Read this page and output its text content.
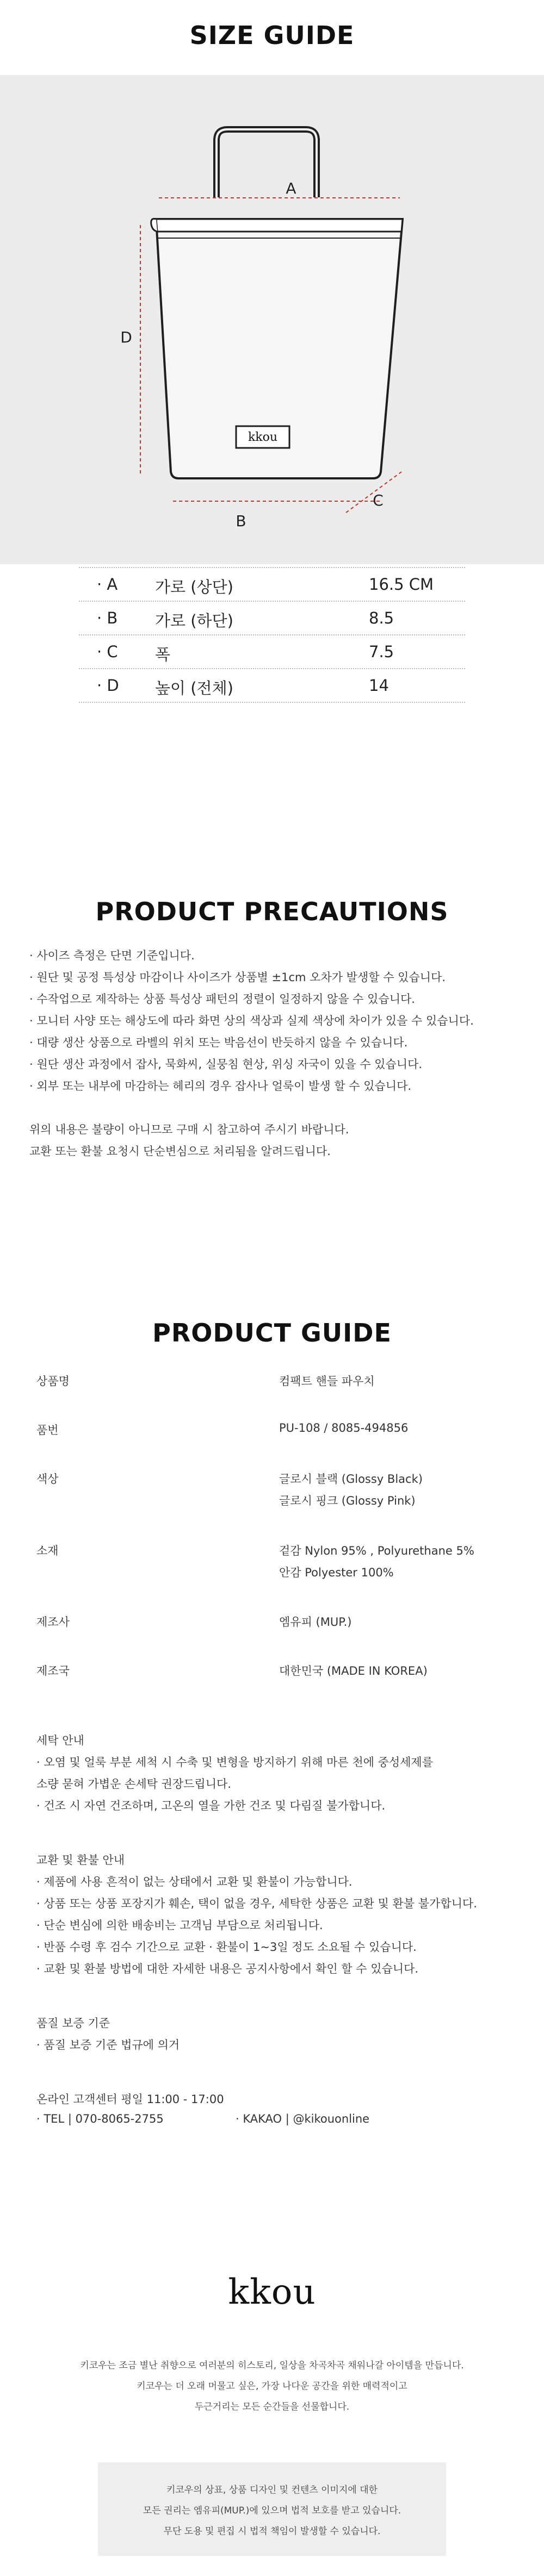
SIZE GUIDE
kkou
A
D
B
C
· A 가로 (상단)	16.5 CM
· B 가로 (하단)	8.5
· C 폭	7.5
· D 높이 (전체)	14
PRODUCT PRECAUTIONS
· 사이즈 측정은 단면 기준입니다.
· 원단 및 공정 특성상 마감이나 사이즈가 상품별 ±1cm 오차가 발생할 수 있습니다.
· 수작업으로 제작하는 상품 특성상 패턴의 정렬이 일정하지 않을 수 있습니다.
· 모니터 사양 또는 해상도에 따라 화면 상의 색상과 실제 색상에 차이가 있을 수 있습니다.
· 대량 생산 상품으로 라벨의 위치 또는 박음선이 반듯하지 않을 수 있습니다.
· 원단 생산 과정에서 잡사, 묵화씨, 실뭉침 현상, 위싱 자국이 있을 수 있습니다.
· 외부 또는 내부에 마감하는 헤리의 경우 잡사나 얼룩이 발생 할 수 있습니다.
위의 내용은 불량이 아니므로 구매 시 참고하여 주시기 바랍니다.
교환 또는 환불 요청시 단순변심으로 처리됨을 알려드립니다.
PRODUCT GUIDE
상품명	컴팩트 핸들 파우치
품번	PU-108 / 8085-494856
색상	글로시 블랙 (Glossy Black)
글로시 핑크 (Glossy Pink)
소재	겉감 Nylon 95% , Polyurethane 5%
안감 Polyester 100%
제조사	엠유피 (MUP.)
제조국	대한민국 (MADE IN KOREA)
세탁 안내
· 오염 및 얼룩 부분 세척 시 수축 및 변형을 방지하기 위해 마른 천에 중성세제를
소량 묻혀 가볍운 손세탁 권장드립니다.
· 건조 시 자연 건조하며, 고온의 열을 가한 건조 및 다림질 불가합니다.
교환 및 환불 안내
· 제품에 사용 흔적이 없는 상태에서 교환 및 환불이 가능합니다.
· 상품 또는 상품 포장지가 훼손, 택이 없을 경우, 세탁한 상품은 교환 및 환불 불가합니다.
· 단순 변심에 의한 배송비는 고객님 부담으로 처리됩니다.
· 반품 수령 후 검수 기간으로 교환 · 환불이 1~3일 정도 소요될 수 있습니다.
· 교환 및 환불 방법에 대한 자세한 내용은 공지사항에서 확인 할 수 있습니다.
품질 보증 기준
· 품질 보증 기준 법규에 의거
온라인 고객센터 평일 11:00 - 17:00
· TEL | 070-8065-2755	· KAKAO | @kikouonline
kkou
키코우는 조금 별난 취향으로 여러분의 히스토리, 일상을 차곡차곡 채워나갈 아이템을 만듭니다.
키코우는 더 오래 머물고 싶은, 가장 나다운 공간을 위한 매력적이고
두근거리는 모든 순간들을 선물합니다.
키코우의 상표, 상품 디자인 및 컨텐츠 이미지에 대한
모든 권리는 엠유피(MUP.)에 있으며 법적 보호를 받고 있습니다.
무단 도용 및 편집 시 법적 책임이 발생할 수 있습니다.
